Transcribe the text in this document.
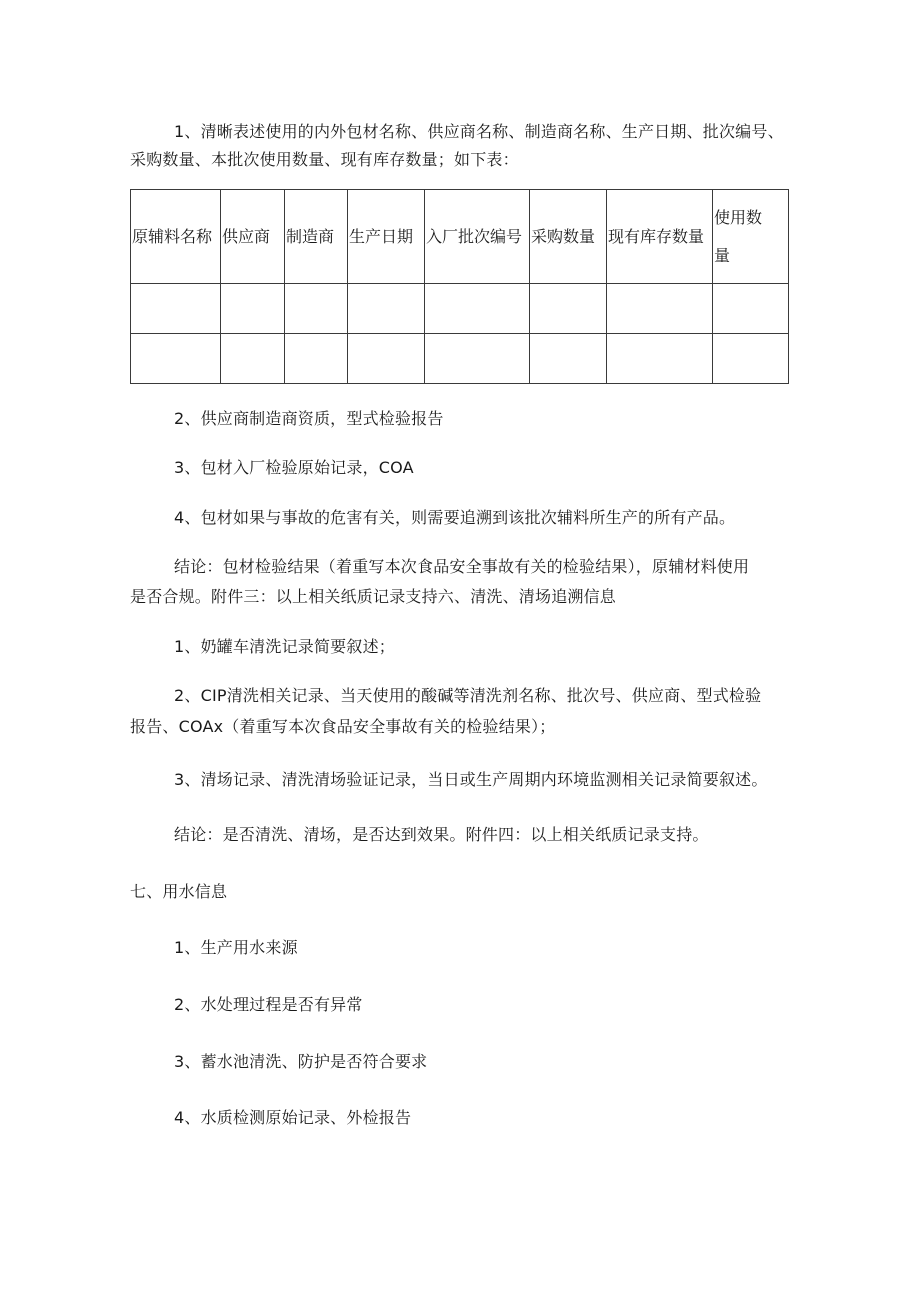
1、清晰表述使用的内外包材名称、供应商名称、制造商名称、生产日期、批次编号、
采购数量、本批次使用数量、现有库存数量；如下表：
原辅料名称	供应商	制造商	生产日期	入厂批次编号	采购数量	现有库存数量	使用数量

2、供应商制造商资质，型式检验报告
3、包材入厂检验原始记录，COA
4、包材如果与事故的危害有关，则需要追溯到该批次辅料所生产的所有产品。
结论：包材检验结果（着重写本次食品安全事故有关的检验结果），原辅材料使用
是否合规。附件三：以上相关纸质记录支持六、清洗、清场追溯信息
1、奶罐车清洗记录简要叙述；
2、CIP清洗相关记录、当天使用的酸碱等清洗剂名称、批次号、供应商、型式检验
报告、COAx（着重写本次食品安全事故有关的检验结果）；
3、清场记录、清洗清场验证记录，当日或生产周期内环境监测相关记录简要叙述。
结论：是否清洗、清场，是否达到效果。附件四：以上相关纸质记录支持。
七、用水信息
1、生产用水来源
2、水处理过程是否有异常
3、蓄水池清洗、防护是否符合要求
4、水质检测原始记录、外检报告
